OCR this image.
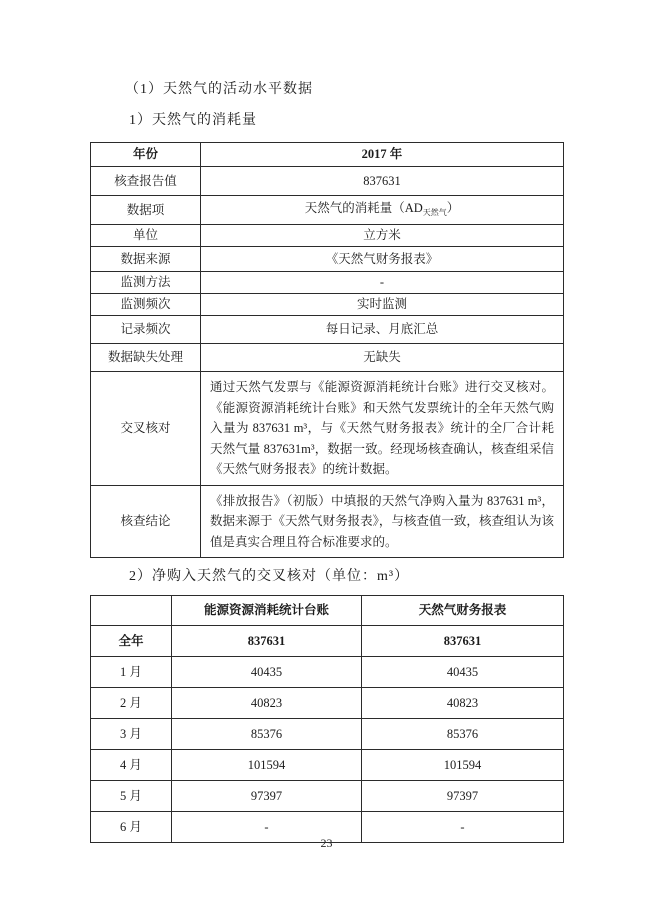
（1）天然气的活动水平数据
1）天然气的消耗量
年份	2017 年
核查报告值	837631
数据项	天然气的消耗量$(AD_{天然气})$
单位	立方米
数据来源	《天然气财务报表》
监测方法	-
监测频次	实时监测
记录频次	每日记录、月底汇总
数据缺失处理	无缺失
交叉核对	通过天然气发票与《能源资源消耗统计台账》进行交叉核对。《能源资源消耗统计台账》和天然气发票统计的全年天然气购入量为 837631 m³，与《天然气财务报表》统计的全厂合计耗天然气量 837631m³，数据一致。经现场核查确认，核查组采信《天然气财务报表》的统计数据。
核查结论	《排放报告》（初版）中填报的天然气净购入量为 837631 m³，数据来源于《天然气财务报表》，与核查值一致，核查组认为该值是真实合理且符合标准要求的。
2）净购入天然气的交叉核对（单位：m³）
	能源资源消耗统计台账	天然气财务报表
全年	837631	837631
1 月	40435	40435
2 月	40823	40823
3 月	85376	85376
4 月	101594	101594
5 月	97397	97397
6 月	-	-
23
